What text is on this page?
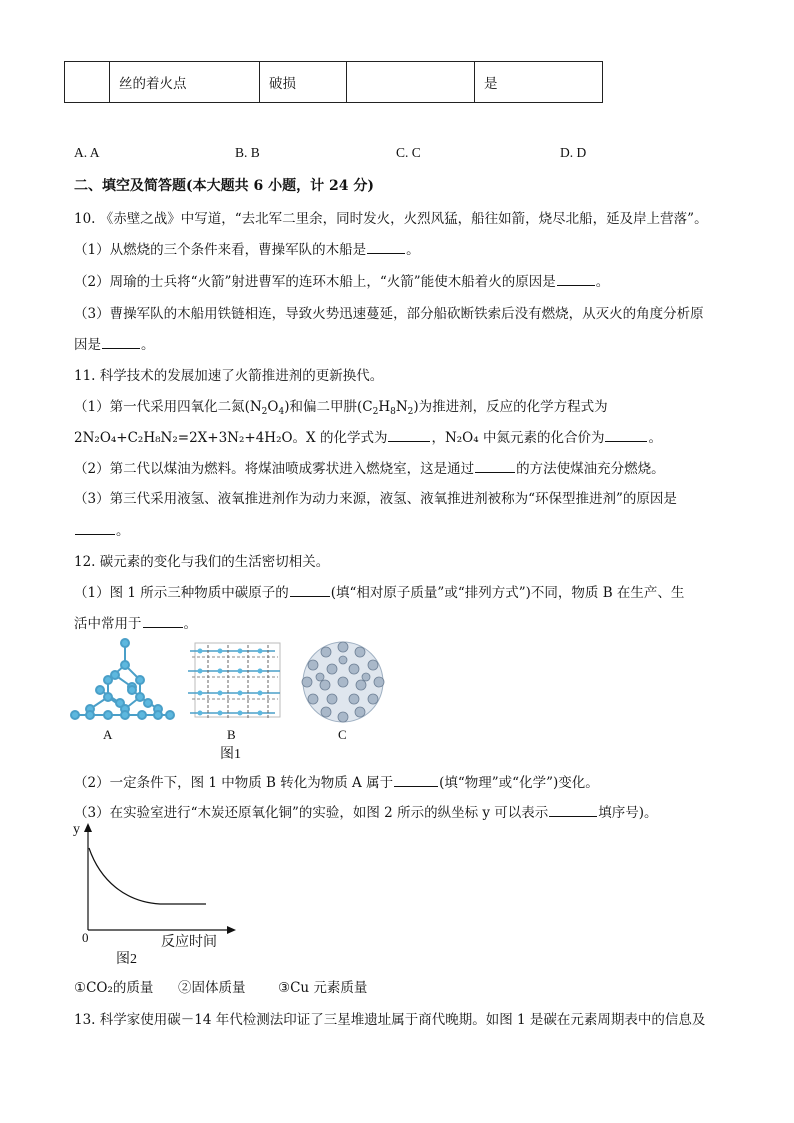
	丝的着火点	破损		是
A. A	B. B	C. C	D. D
二、填空及简答题(本大题共 6 小题，计 24 分)
10. 《赤壁之战》中写道，“去北军二里余，同时发火，火烈风猛，船往如箭，烧尽北船，延及岸上营落”。
（1）从燃烧的三个条件来看，曹操军队的木船是	。
（2）周瑜的士兵将“火箭”射进曹军的连环木船上，“火箭”能使木船着火的原因是	。
（3）曹操军队的木船用铁链相连，导致火势迅速蔓延，部分船砍断铁索后没有燃烧，从灭火的角度分析原
因是	。
11. 科学技术的发展加速了火箭推进剂的更新换代。
（1）第一代采用四氧化二氮$(N_2O_4)$和偏二甲肼$(C_2H_8N_2)$为推进剂，反应的化学方程式为
2N₂O₄+C₂H₈N₂=2X+3N₂+4H₂O。X 的化学式为	，N₂O₄ 中氮元素的化合价为	。
（2）第二代以煤油为燃料。将煤油喷成雾状进入燃烧室，这是通过	的方法使煤油充分燃烧。
（3）第三代采用液氢、液氧推进剂作为动力来源，液氢、液氧推进剂被称为“环保型推进剂”的原因是
。
12. 碳元素的变化与我们的生活密切相关。
（1）图 1 所示三种物质中碳原子的	(填“相对原子质量”或“排列方式”)不同，物质 B 在生产、生
活中常用于	。
A	B	C
图1
（2）一定条件下，图 1 中物质 B 转化为物质 A 属于	(填“物理”或“化学”)变化。
（3）在实验室进行“木炭还原氧化铜”的实验，如图 2 所示的纵坐标 y 可以表示	填序号)。
y
0	反应时间
图2
①CO₂的质量 ②固体质量 ③Cu 元素质量
13. 科学家使用碳－14 年代检测法印证了三星堆遗址属于商代晚期。如图 1 是碳在元素周期表中的信息及
